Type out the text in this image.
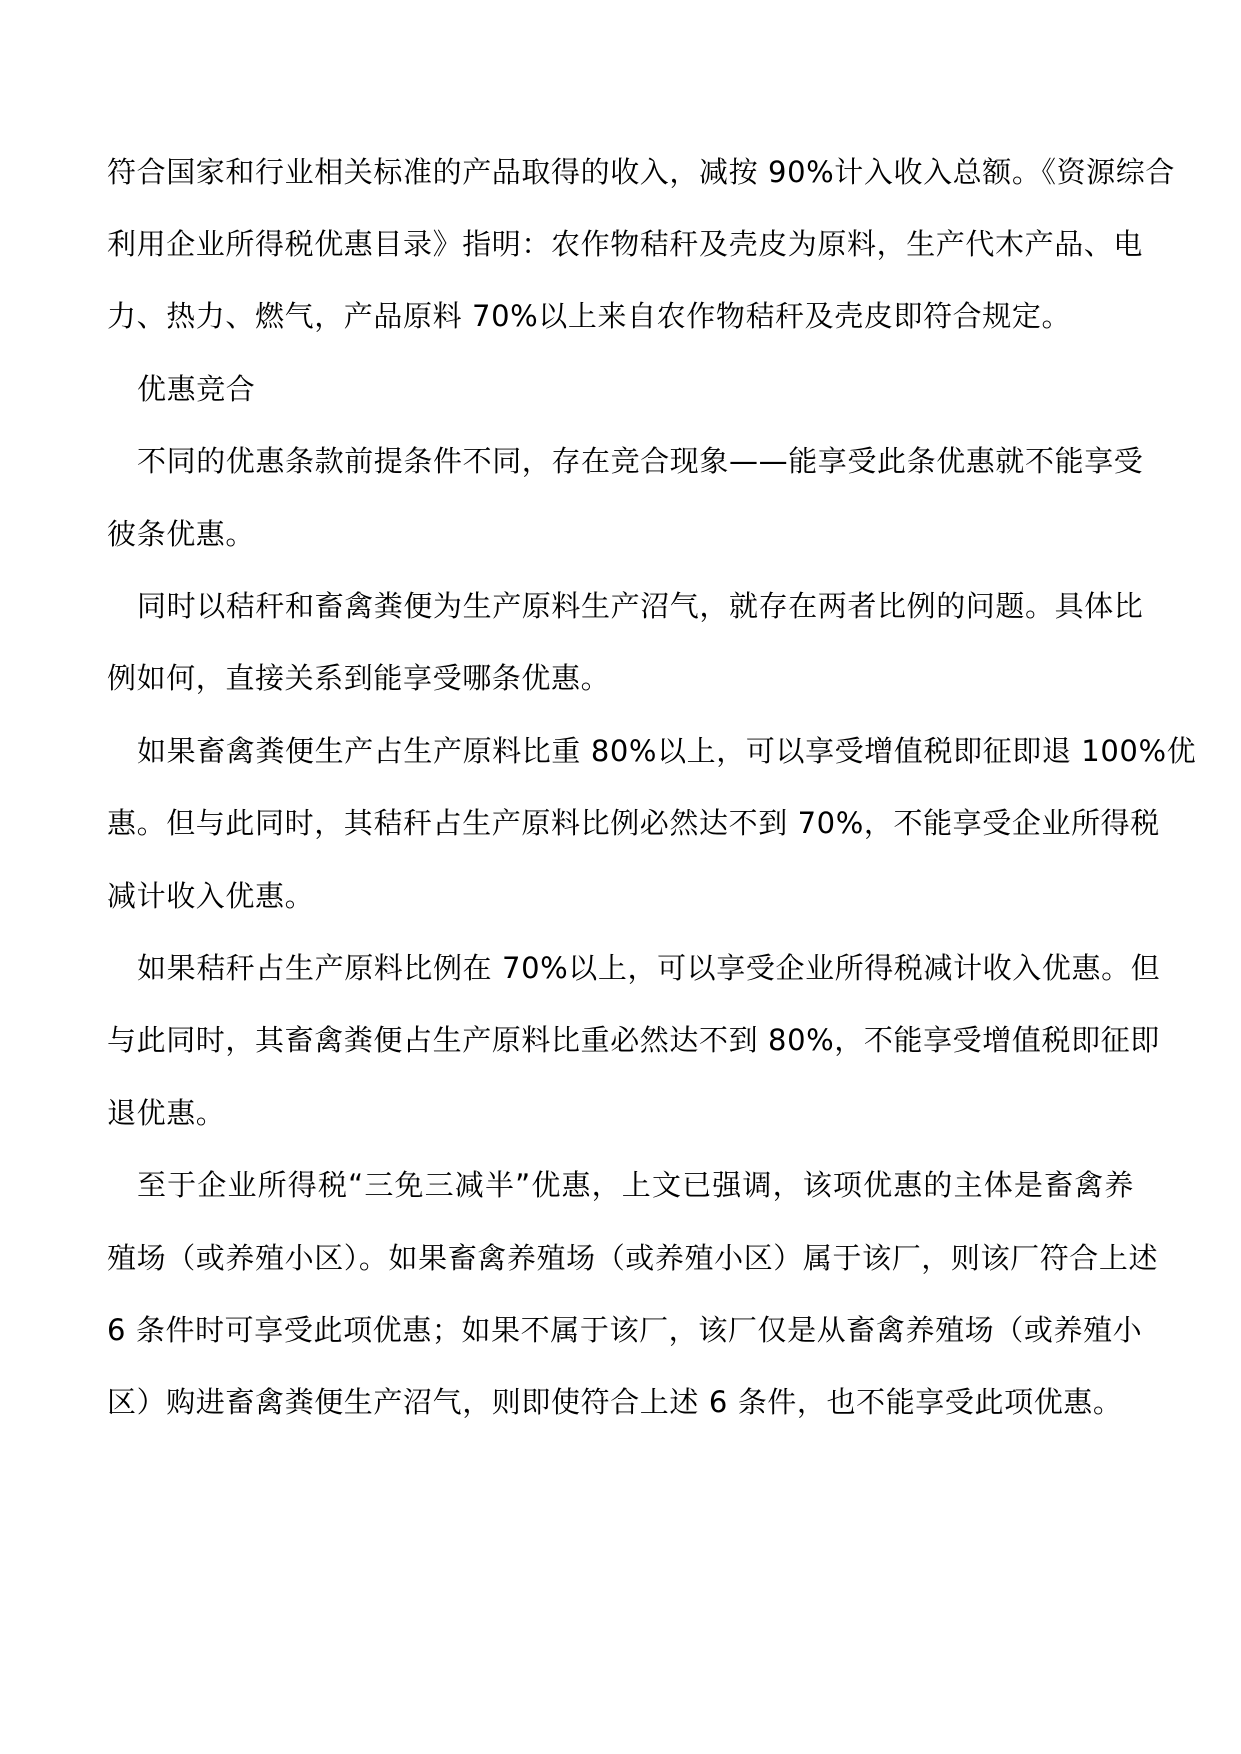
符合国家和行业相关标准的产品取得的收入，减按 90%计入收入总额。《资源综合
利用企业所得税优惠目录》指明：农作物秸秆及壳皮为原料，生产代木产品、电
力、热力、燃气，产品原料 70%以上来自农作物秸秆及壳皮即符合规定。
优惠竞合
不同的优惠条款前提条件不同，存在竞合现象——能享受此条优惠就不能享受
彼条优惠。
同时以秸秆和畜禽粪便为生产原料生产沼气，就存在两者比例的问题。具体比
例如何，直接关系到能享受哪条优惠。
如果畜禽粪便生产占生产原料比重 80%以上，可以享受增值税即征即退 100%优
惠。但与此同时，其秸秆占生产原料比例必然达不到 70%，不能享受企业所得税
减计收入优惠。
如果秸秆占生产原料比例在 70%以上，可以享受企业所得税减计收入优惠。但
与此同时，其畜禽粪便占生产原料比重必然达不到 80%，不能享受增值税即征即
退优惠。
至于企业所得税“三免三减半”优惠，上文已强调，该项优惠的主体是畜禽养
殖场（或养殖小区）。如果畜禽养殖场（或养殖小区）属于该厂，则该厂符合上述
6 条件时可享受此项优惠；如果不属于该厂，该厂仅是从畜禽养殖场（或养殖小
区）购进畜禽粪便生产沼气，则即使符合上述 6 条件，也不能享受此项优惠。
